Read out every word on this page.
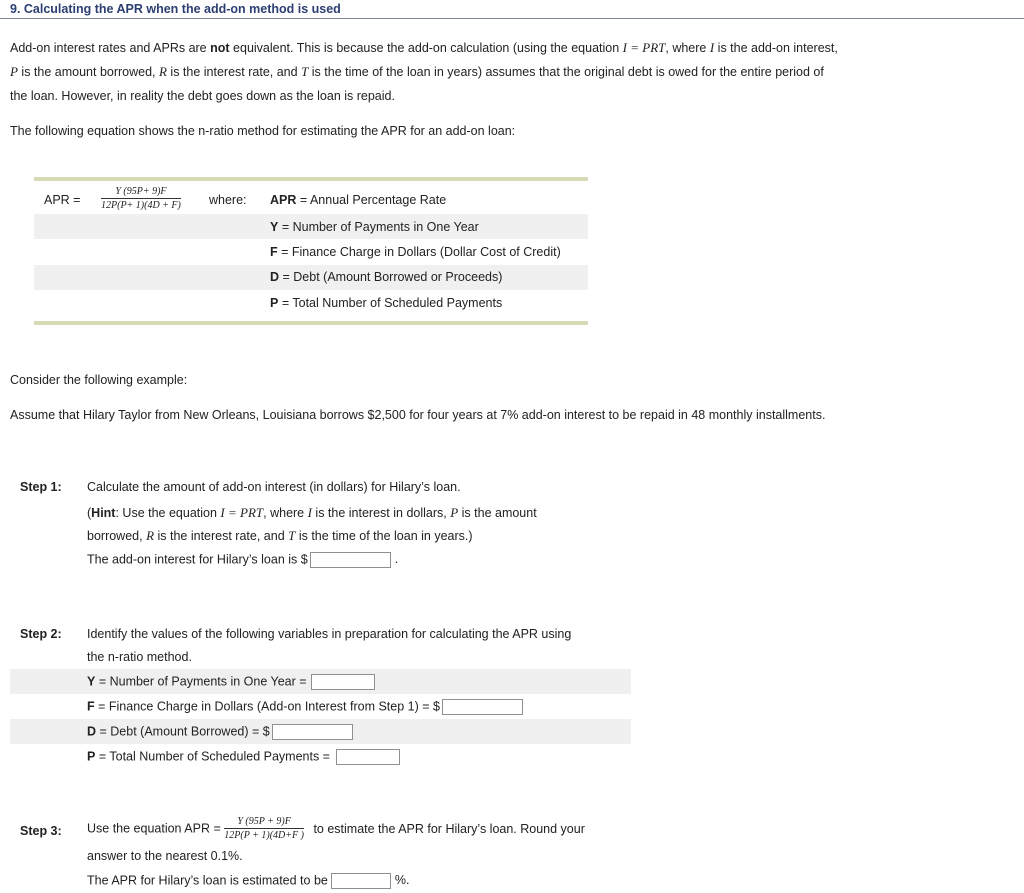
9. Calculating the APR when the add-on method is used
Add-on interest rates and APRs are not equivalent. This is because the add-on calculation (using the equation I = PRT, where I is the add-on interest,
P is the amount borrowed, R is the interest rate, and T is the time of the loan in years) assumes that the original debt is owed for the entire period of
the loan. However, in reality the debt goes down as the loan is repaid.
The following equation shows the n-ratio method for estimating the APR for an add-on loan:
APR = $\frac{Y (95P+ 9)F}{12P(P+ 1)(4D + F)}$ where: APR = Annual Percentage Rate
Y = Number of Payments in One Year
F = Finance Charge in Dollars (Dollar Cost of Credit)
D = Debt (Amount Borrowed or Proceeds)
P = Total Number of Scheduled Payments
Consider the following example:
Assume that Hilary Taylor from New Orleans, Louisiana borrows $2,500 for four years at 7% add-on interest to be repaid in 48 monthly installments.
Step 1: Calculate the amount of add-on interest (in dollars) for Hilary’s loan.
(Hint: Use the equation I = PRT, where I is the interest in dollars, P is the amount
borrowed, R is the interest rate, and T is the time of the loan in years.)
The add-on interest for Hilary’s loan is $	.
Step 2: Identify the values of the following variables in preparation for calculating the APR using
the n-ratio method.
Y = Number of Payments in One Year =
F = Finance Charge in Dollars (Add-on Interest from Step 1) = $
D = Debt (Amount Borrowed) = $
P = Total Number of Scheduled Payments =
Step 3: Use the equation APR = $\frac{Y (95P + 9)F}{12P(P + 1)(4D+F )}$ to estimate the APR for Hilary’s loan. Round your
answer to the nearest 0.1%.
The APR for Hilary’s loan is estimated to be	%.
